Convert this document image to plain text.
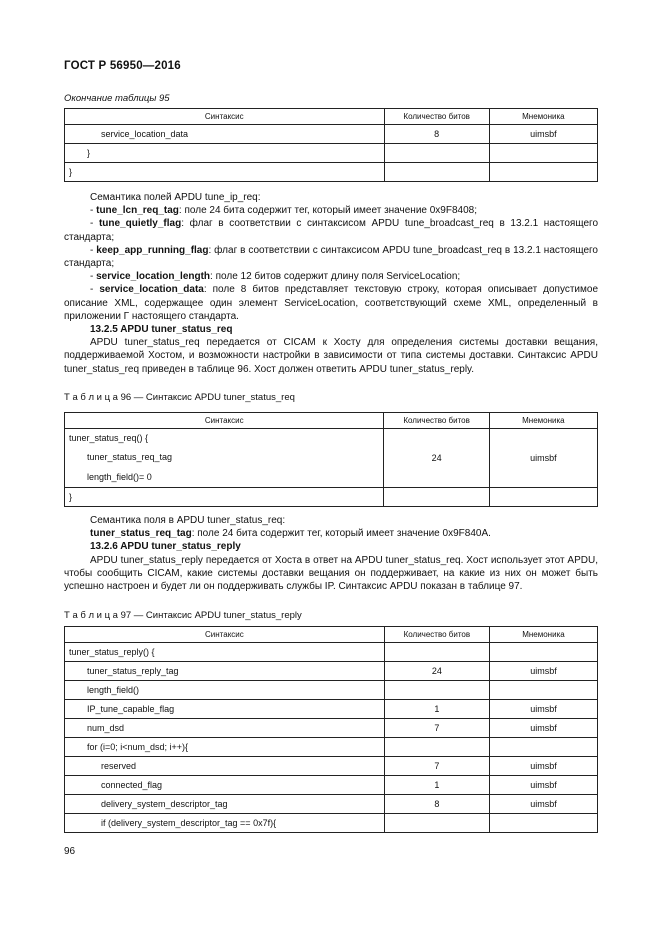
ГОСТ Р 56950—2016
Окончание таблицы 95
Синтаксис	Количество битов	Мнемоника
service_location_data	8	uimsbf
}		
}		

Семантика полей APDU tune_ip_req:

- tune_lcn_req_tag: поле 24 бита содержит тег, который имеет значение 0x9F8408;

- tune_quietly_flag: флаг в соответствии с синтаксисом APDU tune_broadcast_req в 13.2.1 настоящего стандарта;

- keep_app_running_flag: флаг в соответствии с синтаксисом APDU tune_broadcast_req в 13.2.1 настоящего стандарта;

- service_location_length: поле 12 битов содержит длину поля ServiceLocation;

- service_location_data: поле 8 битов представляет текстовую строку, которая описывает допустимое описание XML, содержащее один элемент ServiceLocation, соответствующий схеме XML, определенный в приложении Г настоящего стандарта.

13.2.5 APDU tuner_status_req

APDU tuner_status_req передается от CICAM к Хосту для определения системы доставки вещания, поддерживаемой Хостом, и возможности настройки в зависимости от типа системы доставки. Синтаксис APDU tuner_status_req приведен в таблице 96. Хост должен ответить APDU tuner_status_reply.

Т а б л и ц а 96 — Синтаксис APDU tuner_status_req
Синтаксис	Количество битов	Мнемоника
tuner_status_req() {	24	uimsbf
tuner_status_req_tag		
length_field()= 0		
}		

Семантика поля в APDU tuner_status_req:

tuner_status_req_tag: поле 24 бита содержит тег, который имеет значение 0x9F840A.

13.2.6 APDU tuner_status_reply

APDU tuner_status_reply передается от Хоста в ответ на APDU tuner_status_req. Хост использует этот APDU, чтобы сообщить CICAM, какие системы доставки вещания он поддерживает, на какие из них он может быть успешно настроен и будет ли он поддерживать службы IP. Синтаксис APDU показан в таблице 97.

Т а б л и ц а 97 — Синтаксис APDU tuner_status_reply
Синтаксис	Количество битов	Мнемоника
tuner_status_reply() {		
tuner_status_reply_tag	24	uimsbf
length_field()		
IP_tune_capable_flag	1	uimsbf
num_dsd	7	uimsbf
for (i=0; i<num_dsd; i++){		
reserved	7	uimsbf
connected_flag	1	uimsbf
delivery_system_descriptor_tag	8	uimsbf
if (delivery_system_descriptor_tag == 0x7f){		
96
